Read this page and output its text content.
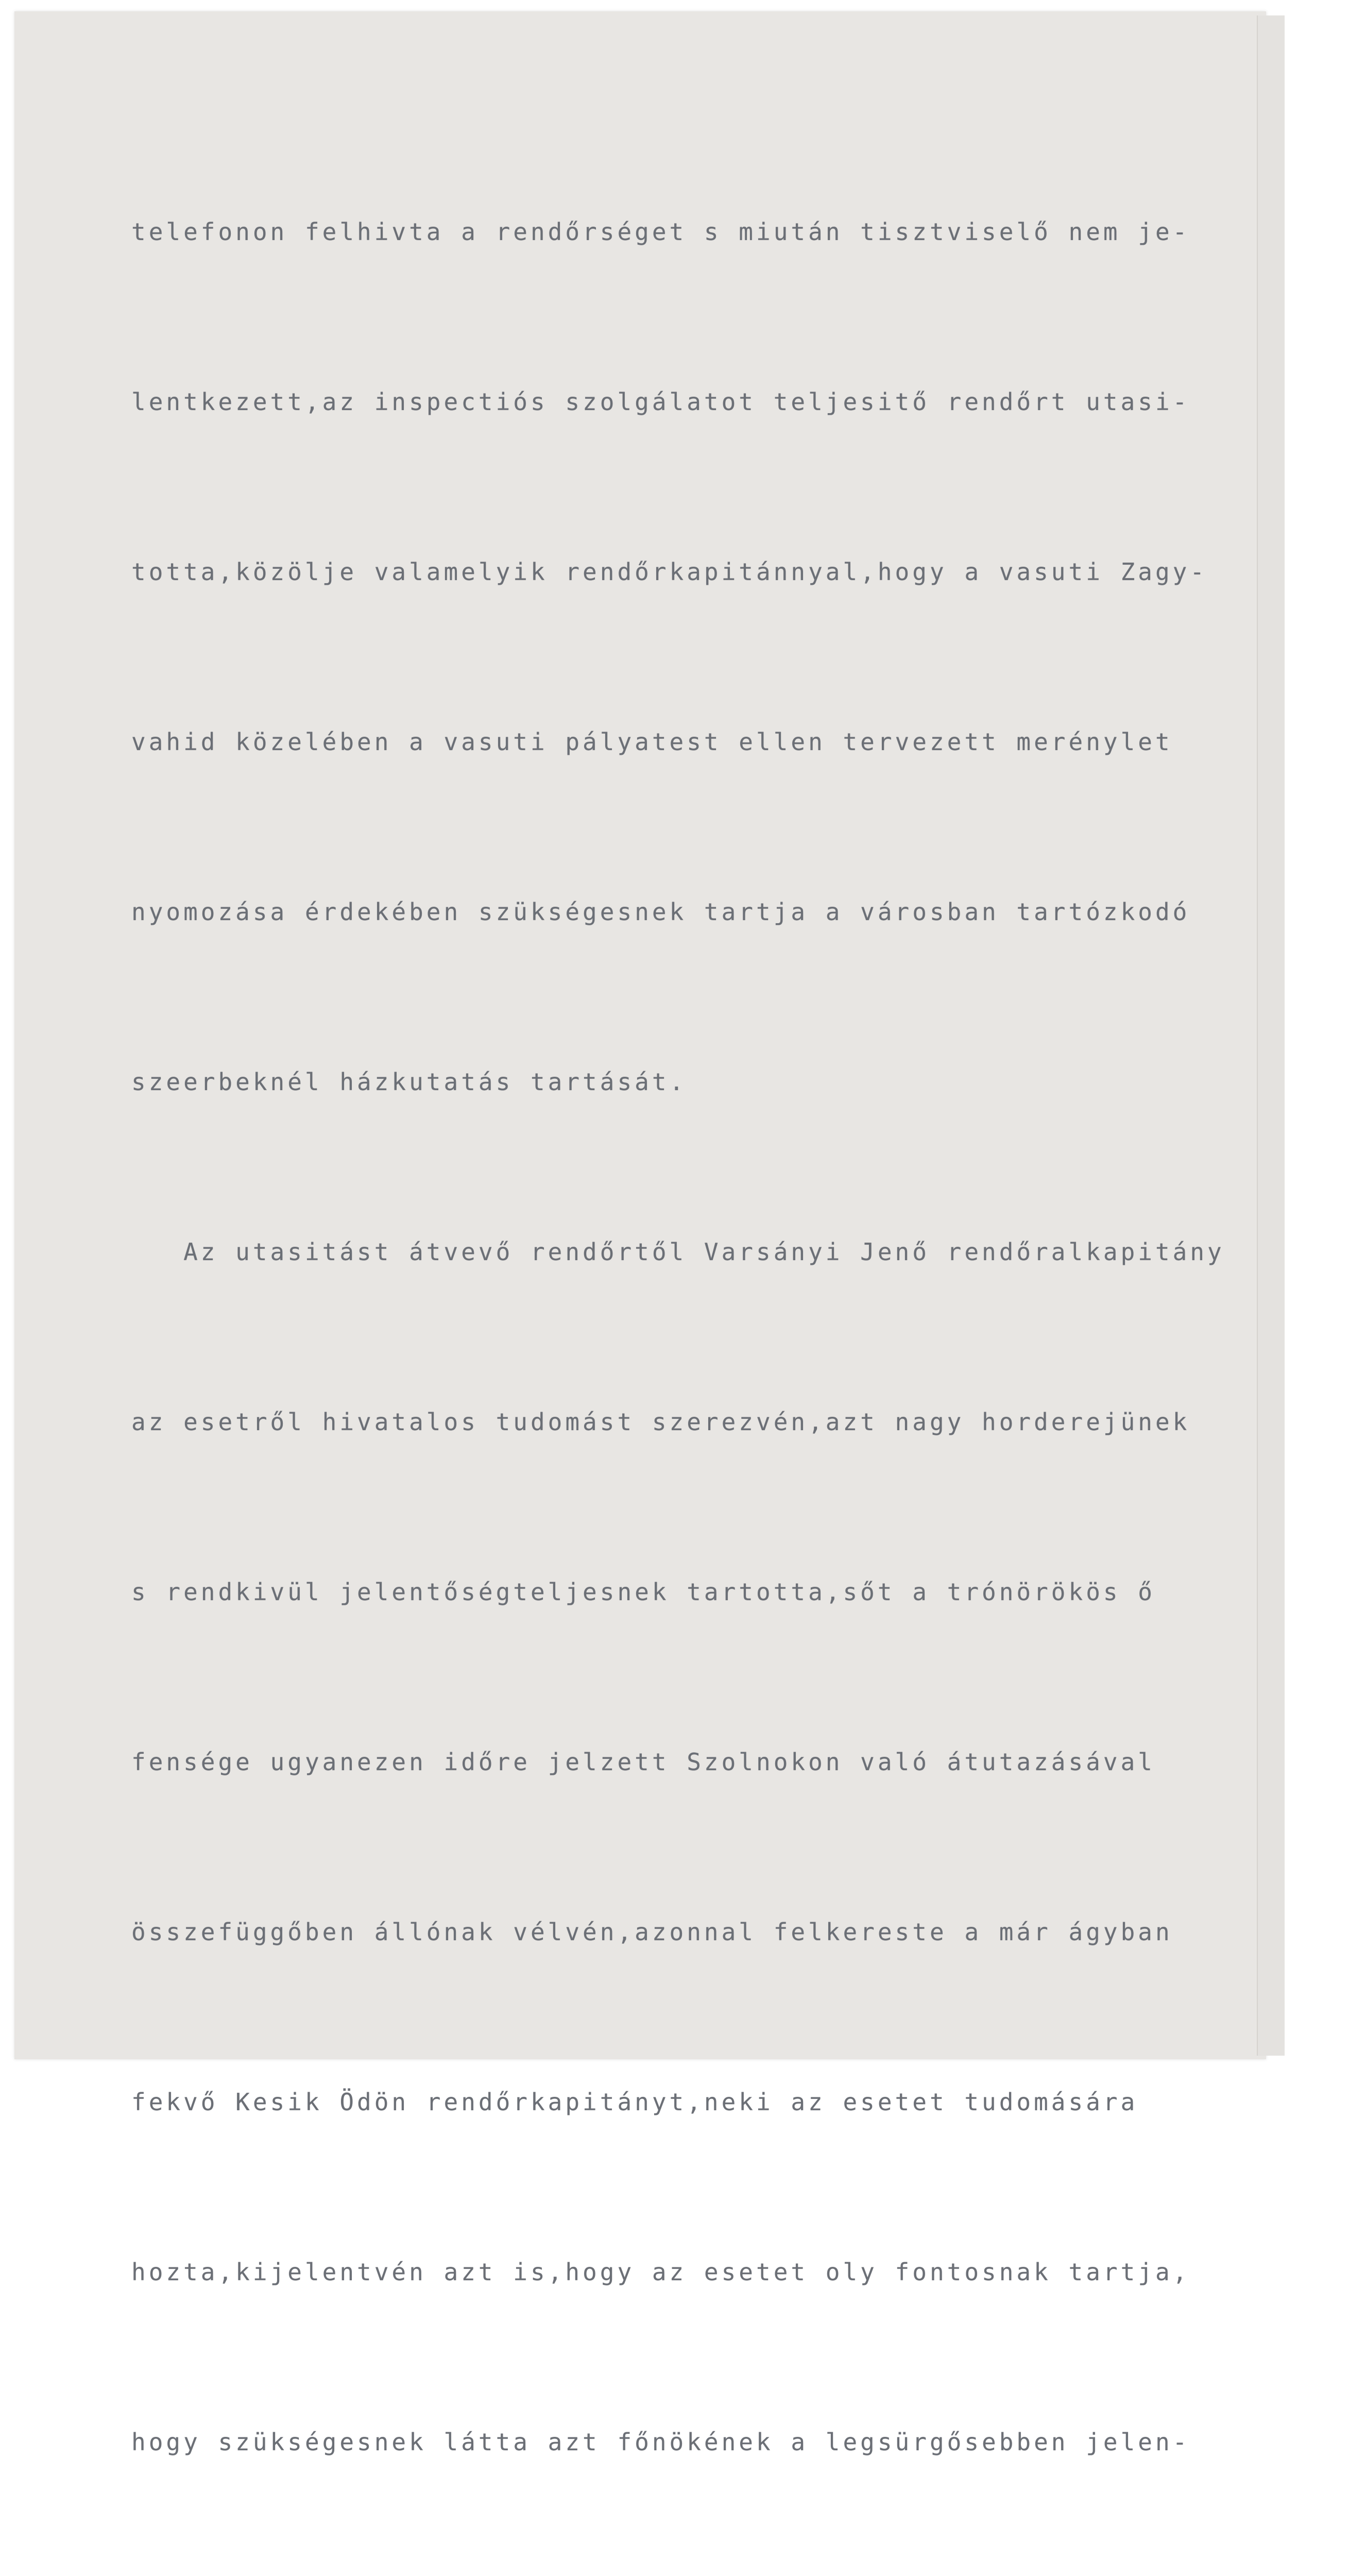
telefonon felhivta a rendőrséget s miután tisztviselő nem je-

lentkezett,az inspectiós szolgálatot teljesitő rendőrt utasi-

totta,közölje valamelyik rendőrkapitánnyal,hogy a vasuti Zagy-

vahid közelében a vasuti pályatest ellen tervezett merénylet

nyomozása érdekében szükségesnek tartja a városban tartózkodó

szeerbeknél házkutatás tartását.

Az utasitást átvevő rendőrtől Varsányi Jenő rendőralkapitány

az esetről hivatalos tudomást szerezvén,azt nagy horderejünek

s rendkivül jelentőségteljesnek tartotta,sőt a trónörökös ő

fensége ugyanezen időre jelzett Szolnokon való átutazásával

összefüggőben állónak vélvén,azonnal felkereste a már ágyban

fekvő Kesik Ödön rendőrkapitányt,neki az esetet tudomására

hozta,kijelentvén azt is,hogy az esetet oly fontosnak tartja,

hogy szükségesnek látta azt főnökének a legsürgősebben jelen-
